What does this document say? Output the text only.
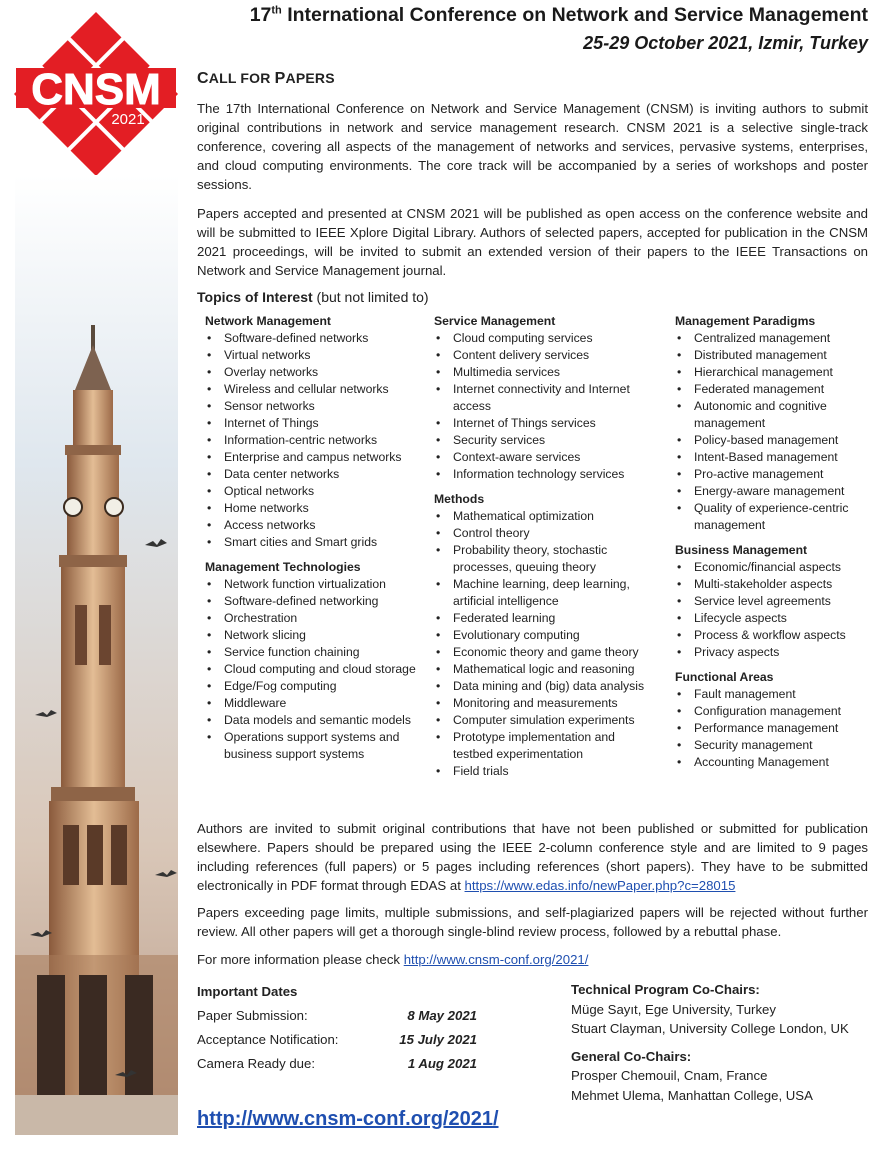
CNSM
2021
17th International Conference on Network and Service Management
25-29 October 2021, Izmir, Turkey
CALL FOR PAPERS
The 17th International Conference on Network and Service Management (CNSM) is inviting authors to submit original contributions in network and service management research. CNSM 2021 is a selective single-track conference, covering all aspects of the management of networks and services, pervasive systems, enterprises, and cloud computing environments. The core track will be accompanied by a series of workshops and poster sessions.
Papers accepted and presented at CNSM 2021 will be published as open access on the conference website and will be submitted to IEEE Xplore Digital Library. Authors of selected papers, accepted for publication in the CNSM 2021 proceedings, will be invited to submit an extended version of their papers to the IEEE Transactions on Network and Service Management journal.
Topics of Interest (but not limited to)
Network Management
• Software-defined networks
• Virtual networks
• Overlay networks
• Wireless and cellular networks
• Sensor networks
• Internet of Things
• Information-centric networks
• Enterprise and campus networks
• Data center networks
• Optical networks
• Home networks
• Access networks
• Smart cities and Smart grids
Management Technologies
• Network function virtualization
• Software-defined networking
• Orchestration
• Network slicing
• Service function chaining
• Cloud computing and cloud storage
• Edge/Fog computing
• Middleware
• Data models and semantic models
• Operations support systems and business support systems
Service Management
• Cloud computing services
• Content delivery services
• Multimedia services
• Internet connectivity and Internet access
• Internet of Things services
• Security services
• Context-aware services
• Information technology services
Methods
• Mathematical optimization
• Control theory
• Probability theory, stochastic processes, queuing theory
• Machine learning, deep learning, artificial intelligence
• Federated learning
• Evolutionary computing
• Economic theory and game theory
• Mathematical logic and reasoning
• Data mining and (big) data analysis
• Monitoring and measurements
• Computer simulation experiments
• Prototype implementation and testbed experimentation
• Field trials
Management Paradigms
• Centralized management
• Distributed management
• Hierarchical management
• Federated management
• Autonomic and cognitive management
• Policy-based management
• Intent-Based management
• Pro-active management
• Energy-aware management
• Quality of experience-centric management
Business Management
• Economic/financial aspects
• Multi-stakeholder aspects
• Service level agreements
• Lifecycle aspects
• Process & workflow aspects
• Privacy aspects
Functional Areas
• Fault management
• Configuration management
• Performance management
• Security management
• Accounting Management
Authors are invited to submit original contributions that have not been published or submitted for publication elsewhere. Papers should be prepared using the IEEE 2-column conference style and are limited to 9 pages including references (full papers) or 5 pages including references (short papers). They have to be submitted electronically in PDF format through EDAS at https://www.edas.info/newPaper.php?c=28015
Papers exceeding page limits, multiple submissions, and self-plagiarized papers will be rejected without further review. All other papers will get a thorough single-blind review process, followed by a rebuttal phase.
For more information please check http://www.cnsm-conf.org/2021/
Important Dates
Paper Submission:	8 May 2021
Acceptance Notification:	15 July 2021
Camera Ready due:	1 Aug 2021
Technical Program Co-Chairs:
Müge Sayıt, Ege University, Turkey
Stuart Clayman, University College London, UK
General Co-Chairs:
Prosper Chemouil, Cnam, France
Mehmet Ulema, Manhattan College, USA
http://www.cnsm-conf.org/2021/
